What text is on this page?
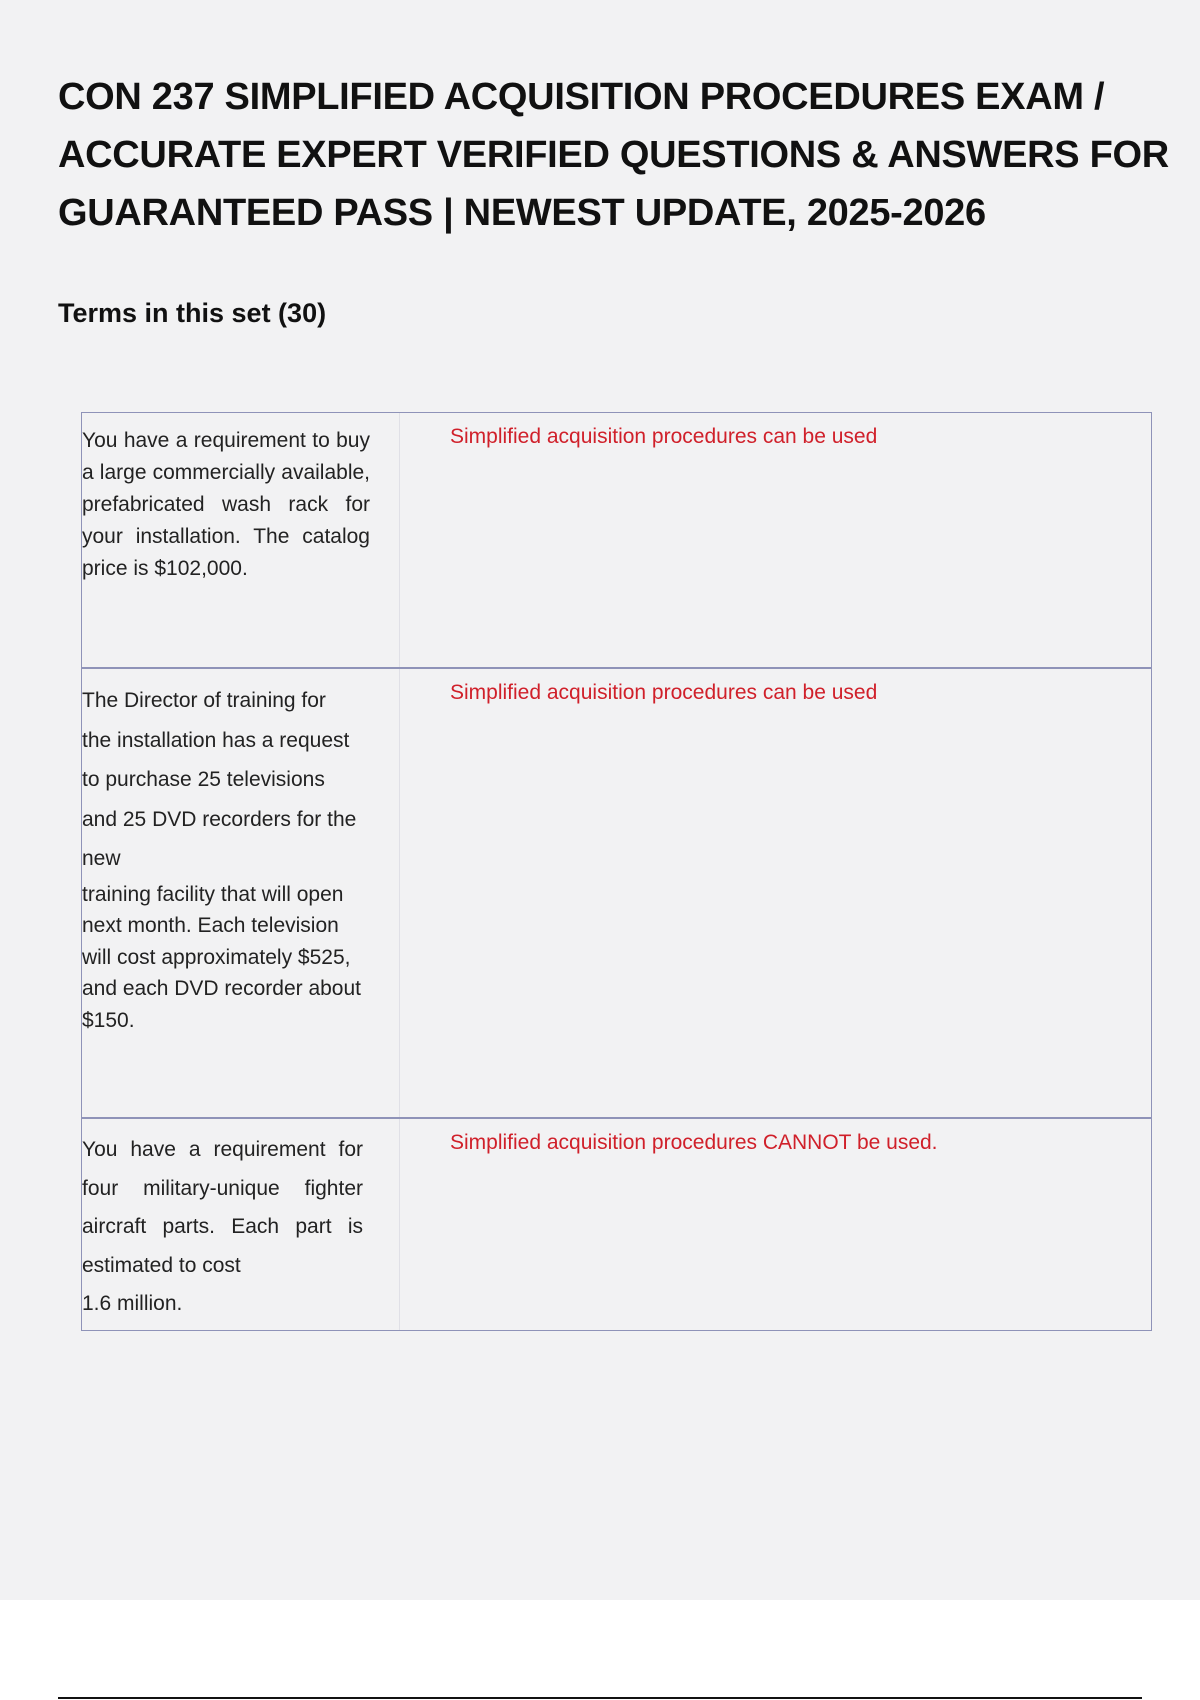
CON 237 SIMPLIFIED ACQUISITION PROCEDURES EXAM /
ACCURATE EXPERT VERIFIED QUESTIONS & ANSWERS FOR
GUARANTEED PASS | NEWEST UPDATE, 2025-2026
Terms in this set (30)
You have a requirement to buy a large commercially available, prefabricated wash rack for your installation. The catalog price is $102,000.
Simplified acquisition procedures can be used
The Director of training for
the installation has a request
to purchase 25 televisions
and 25 DVD recorders for the
new
training facility that will open
next month. Each television
will cost approximately $525,
and each DVD recorder about
$150.
Simplified acquisition procedures can be used
You have a requirement for
four military-unique fighter
aircraft parts. Each part is
estimated to cost
1.6 million.
Simplified acquisition procedures CANNOT be used.
